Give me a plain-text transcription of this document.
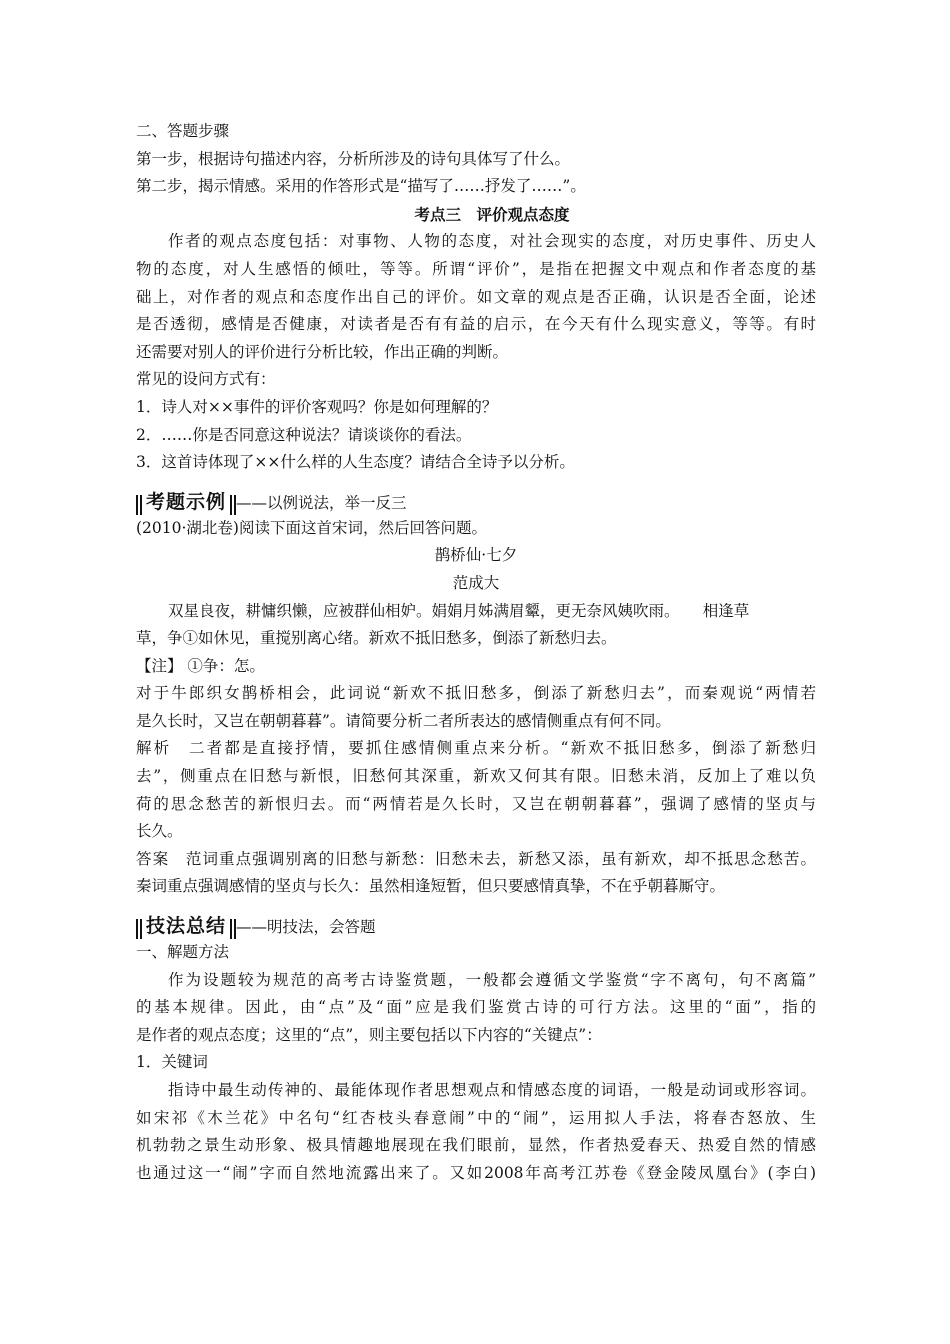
二、答题步骤
第一步，根据诗句描述内容，分析所涉及的诗句具体写了什么。
第二步，揭示情感。采用的作答形式是“描写了……抒发了……”。
考点三　评价观点态度
作者的观点态度包括：对事物、人物的态度，对社会现实的态度，对历史事件、历史人
物的态度，对人生感悟的倾吐，等等。所谓“评价”，是指在把握文中观点和作者态度的基
础上，对作者的观点和态度作出自己的评价。如文章的观点是否正确，认识是否全面，论述
是否透彻，感情是否健康，对读者是否有有益的启示，在今天有什么现实意义，等等。有时
还需要对别人的评价进行分析比较，作出正确的判断。
常见的设问方式有：
1．诗人对××事件的评价客观吗？你是如何理解的？
2．……你是否同意这种说法？请谈谈你的看法。
3．这首诗体现了××什么样的人生态度？请结合全诗予以分析。
考题示例 ——以例说法，举一反三
(2010·湖北卷)阅读下面这首宋词，然后回答问题。
鹊桥仙·七夕
范成大
双星良夜，耕慵织懒，应被群仙相妒。娟娟月姊满眉颦，更无奈风姨吹雨。　　相逢草
草，争①如休见，重搅别离心绪。新欢不抵旧愁多，倒添了新愁归去。
【注】 ①争：怎。
对于牛郎织女鹊桥相会，此词说“新欢不抵旧愁多，倒添了新愁归去”，而秦观说“两情若
是久长时，又岂在朝朝暮暮”。请简要分析二者所表达的感情侧重点有何不同。
解析　二者都是直接抒情，要抓住感情侧重点来分析。“新欢不抵旧愁多，倒添了新愁归
去”，侧重点在旧愁与新恨，旧愁何其深重，新欢又何其有限。旧愁未消，反加上了难以负
荷的思念愁苦的新恨归去。而“两情若是久长时，又岂在朝朝暮暮”，强调了感情的坚贞与
长久。
答案　范词重点强调别离的旧愁与新愁：旧愁未去，新愁又添，虽有新欢，却不抵思念愁苦。
秦词重点强调感情的坚贞与长久：虽然相逢短暂，但只要感情真挚，不在乎朝暮厮守。
技法总结 ——明技法，会答题
一、解题方法
作为设题较为规范的高考古诗鉴赏题，一般都会遵循文学鉴赏“字不离句，句不离篇”
的基本规律。因此，由“点”及“面”应是我们鉴赏古诗的可行方法。这里的“面”，指的
是作者的观点态度；这里的“点”，则主要包括以下内容的“关键点”：
1．关键词
指诗中最生动传神的、最能体现作者思想观点和情感态度的词语，一般是动词或形容词。
如宋祁《木兰花》中名句“红杏枝头春意闹”中的“闹”，运用拟人手法，将春杏怒放、生
机勃勃之景生动形象、极具情趣地展现在我们眼前，显然，作者热爱春天、热爱自然的情感
也通过这一“闹”字而自然地流露出来了。又如2008年高考江苏卷《登金陵凤凰台》(李白)
